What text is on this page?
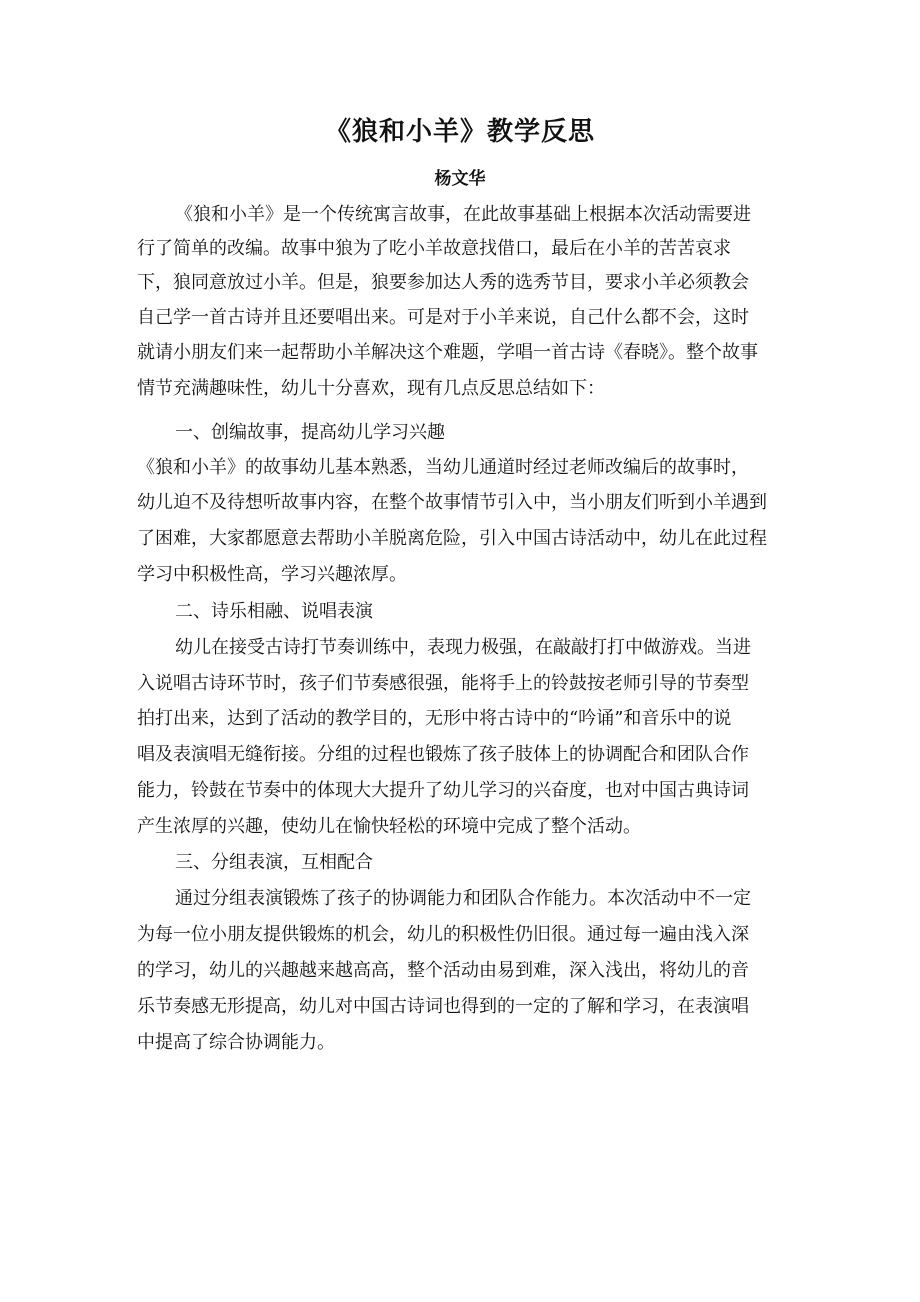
《狼和小羊》教学反思
杨文华
《狼和小羊》是一个传统寓言故事，在此故事基础上根据本次活动需要进
行了简单的改编。故事中狼为了吃小羊故意找借口，最后在小羊的苦苦哀求
下，狼同意放过小羊。但是，狼要参加达人秀的选秀节目，要求小羊必须教会
自己学一首古诗并且还要唱出来。可是对于小羊来说，自己什么都不会，这时
就请小朋友们来一起帮助小羊解决这个难题，学唱一首古诗《春晓》。整个故事
情节充满趣味性，幼儿十分喜欢，现有几点反思总结如下：
一、创编故事，提高幼儿学习兴趣
《狼和小羊》的故事幼儿基本熟悉，当幼儿通道时经过老师改编后的故事时，
幼儿迫不及待想听故事内容，在整个故事情节引入中，当小朋友们听到小羊遇到
了困难，大家都愿意去帮助小羊脱离危险，引入中国古诗活动中，幼儿在此过程
学习中积极性高，学习兴趣浓厚。
二、诗乐相融、说唱表演
幼儿在接受古诗打节奏训练中，表现力极强，在敲敲打打中做游戏。当进
入说唱古诗环节时，孩子们节奏感很强，能将手上的铃鼓按老师引导的节奏型
拍打出来，达到了活动的教学目的，无形中将古诗中的“吟诵”和音乐中的说
唱及表演唱无缝衔接。分组的过程也锻炼了孩子肢体上的协调配合和团队合作
能力，铃鼓在节奏中的体现大大提升了幼儿学习的兴奋度，也对中国古典诗词
产生浓厚的兴趣，使幼儿在愉快轻松的环境中完成了整个活动。
三、分组表演，互相配合
通过分组表演锻炼了孩子的协调能力和团队合作能力。本次活动中不一定
为每一位小朋友提供锻炼的机会，幼儿的积极性仍旧很。通过每一遍由浅入深
的学习，幼儿的兴趣越来越高高，整个活动由易到难，深入浅出，将幼儿的音
乐节奏感无形提高，幼儿对中国古诗词也得到的一定的了解和学习，在表演唱
中提高了综合协调能力。
